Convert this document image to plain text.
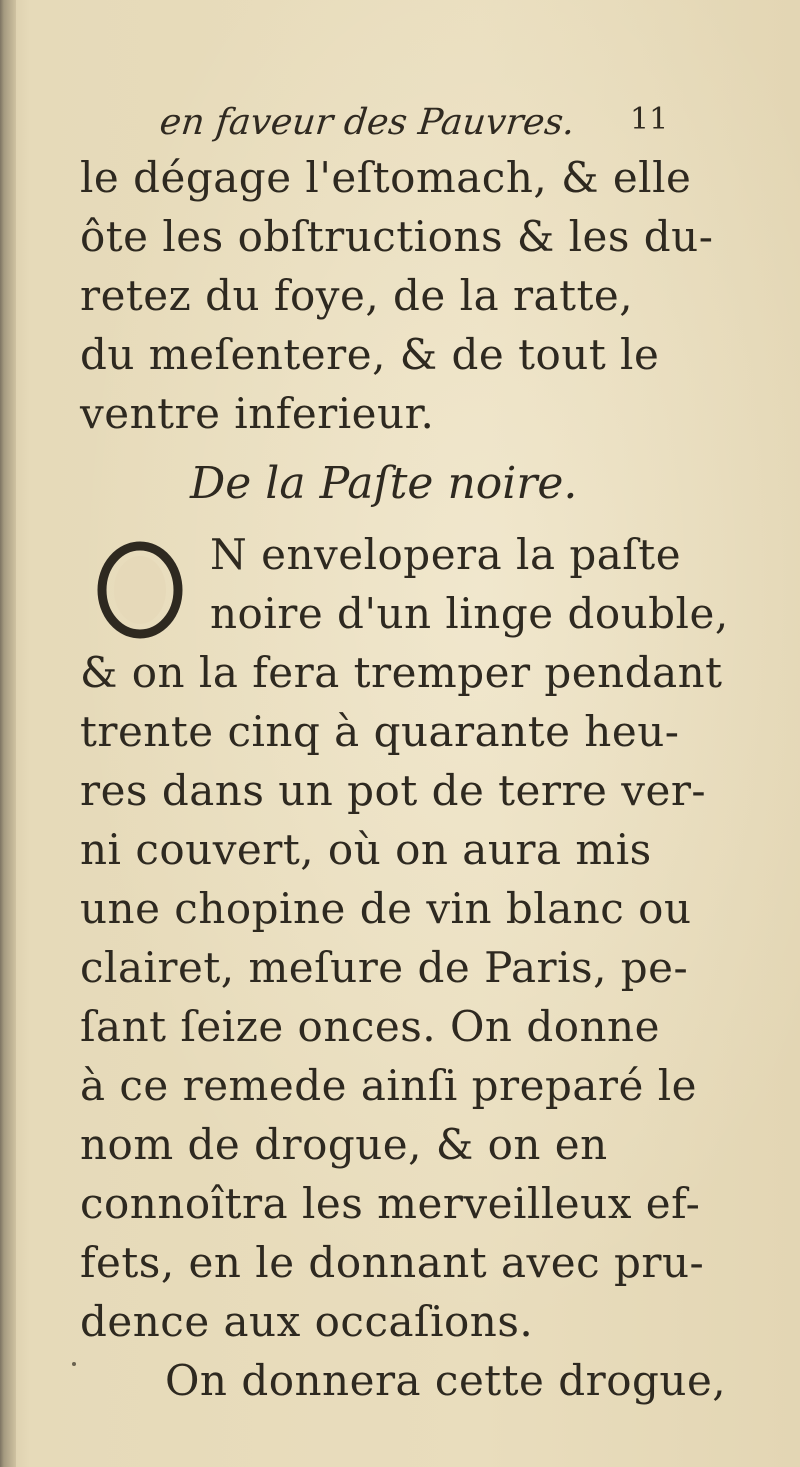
en faveur des Pauvres. 11
le dégage l'eſtomach, & elle
ôte les obſtructions & les du-
retez du foye, de la ratte,
du meſentere, & de tout le
ventre inferieur.
De la Paſte noire.
N envelopera la paſte
noire d'un linge double,
& on la fera tremper pendant
trente cinq à quarante heu-
res dans un pot de terre ver-
ni couvert, où on aura mis
une chopine de vin blanc ou
clairet, meſure de Paris, pe-
ſant ſeize onces. On donne
à ce remede ainſi preparé le
nom de drogue, & on en
connoîtra les merveilleux ef-
fets, en le donnant avec pru-
dence aux occaſions.
On donnera cette drogue,
